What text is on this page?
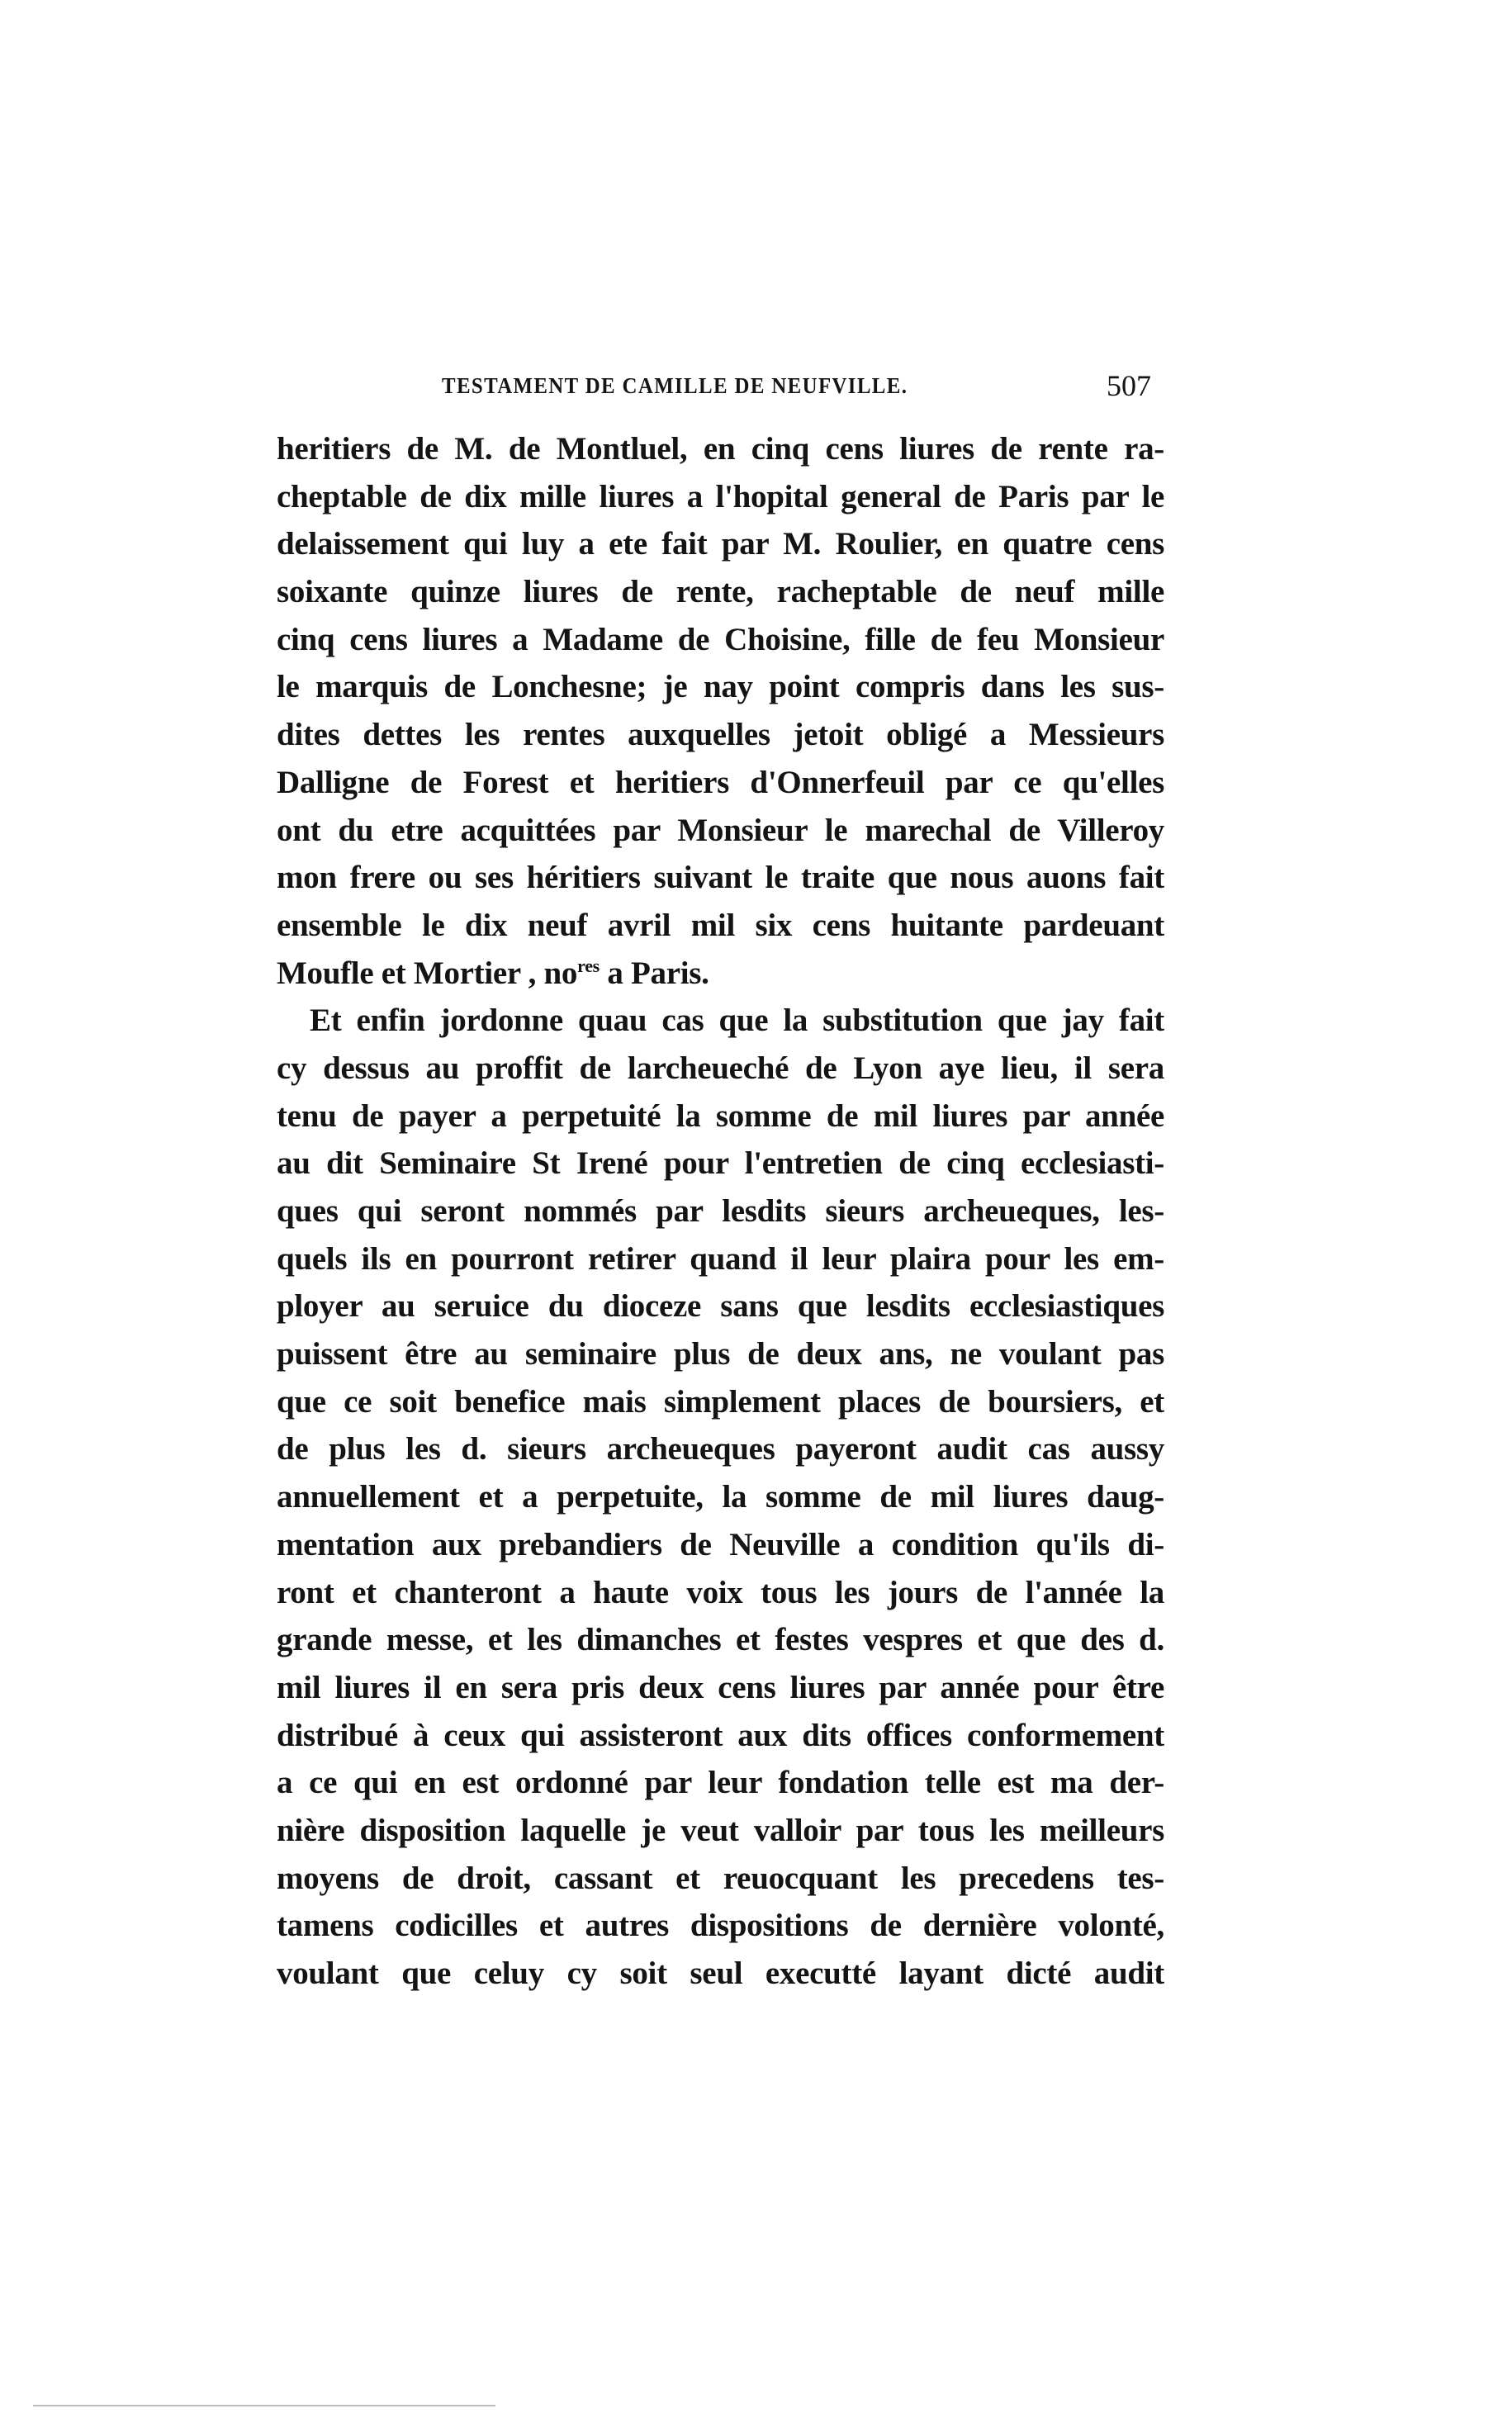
TESTAMENT DE CAMILLE DE NEUFVILLE.	507
heritiers de M. de Montluel, en cinq cens liures de rente ra-
cheptable de dix mille liures a l'hopital general de Paris par le
delaissement qui luy a ete fait par M. Roulier, en quatre cens
soixante quinze liures de rente, racheptable de neuf mille
cinq cens liures a Madame de Choisine, fille de feu Monsieur
le marquis de Lonchesne; je nay point compris dans les sus-
dites dettes les rentes auxquelles jetoit obligé a Messieurs
Dalligne de Forest et heritiers d'Onnerfeuil par ce qu'elles
ont du etre acquittées par Monsieur le marechal de Villeroy
mon frere ou ses héritiers suivant le traite que nous auons fait
ensemble le dix neuf avril mil six cens huitante pardeuant
Moufle et Mortier , $no^{res}$ a Paris.
Et enfin jordonne quau cas que la substitution que jay fait
cy dessus au proffit de larcheueché de Lyon aye lieu, il sera
tenu de payer a perpetuité la somme de mil liures par année
au dit Seminaire St Irené pour l'entretien de cinq ecclesiasti-
ques qui seront nommés par lesdits sieurs archeueques, les-
quels ils en pourront retirer quand il leur plaira pour les em-
ployer au seruice du dioceze sans que lesdits ecclesiastiques
puissent être au seminaire plus de deux ans, ne voulant pas
que ce soit benefice mais simplement places de boursiers, et
de plus les d. sieurs archeueques payeront audit cas aussy
annuellement et a perpetuite, la somme de mil liures daug-
mentation aux prebandiers de Neuville a condition qu'ils di-
ront et chanteront a haute voix tous les jours de l'année la
grande messe, et les dimanches et festes vespres et que des d.
mil liures il en sera pris deux cens liures par année pour être
distribué à ceux qui assisteront aux dits offices conformement
a ce qui en est ordonné par leur fondation telle est ma der-
nière disposition laquelle je veut valloir par tous les meilleurs
moyens de droit, cassant et reuocquant les precedens tes-
tamens codicilles et autres dispositions de dernière volonté,
voulant que celuy cy soit seul executté layant dicté audit
